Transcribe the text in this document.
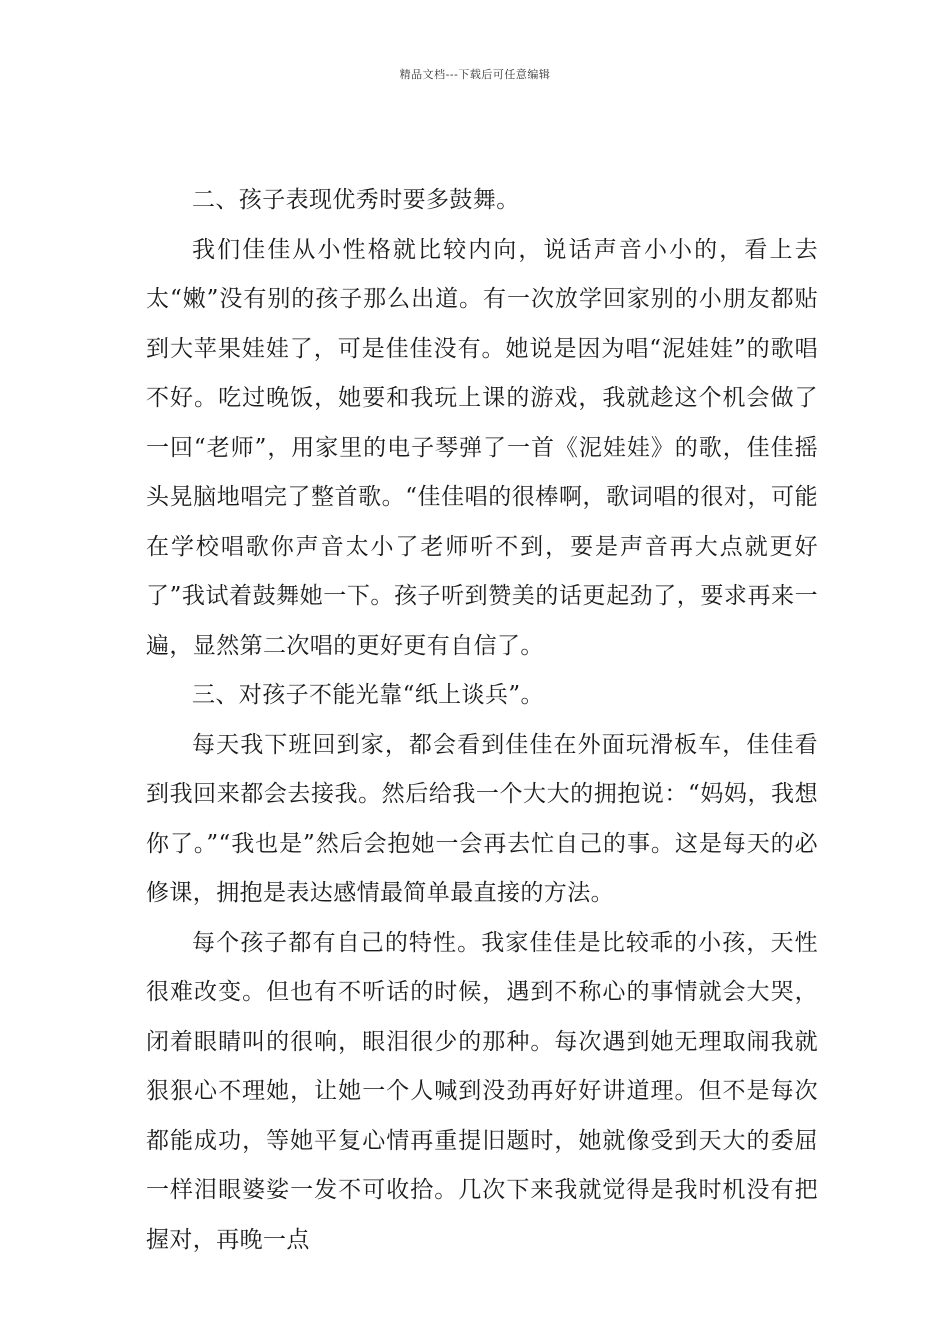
精品文档---下载后可任意编辑

二、孩子表现优秀时要多鼓舞。

我们佳佳从小性格就比较内向，说话声音小小的，看上去太“嫩”没有别的孩子那么出道。有一次放学回家别的小朋友都贴到大苹果娃娃了，可是佳佳没有。她说是因为唱“泥娃娃”的歌唱不好。吃过晚饭，她要和我玩上课的游戏，我就趁这个机会做了一回“老师”，用家里的电子琴弹了一首《泥娃娃》的歌，佳佳摇头晃脑地唱完了整首歌。“佳佳唱的很棒啊，歌词唱的很对，可能在学校唱歌你声音太小了老师听不到，要是声音再大点就更好了”我试着鼓舞她一下。孩子听到赞美的话更起劲了，要求再来一遍，显然第二次唱的更好更有自信了。

三、对孩子不能光靠“纸上谈兵”。

每天我下班回到家，都会看到佳佳在外面玩滑板车，佳佳看到我回来都会去接我。然后给我一个大大的拥抱说：“妈妈，我想你了。”“我也是”然后会抱她一会再去忙自己的事。这是每天的必修课，拥抱是表达感情最简单最直接的方法。

每个孩子都有自己的特性。我家佳佳是比较乖的小孩，天性很难改变。但也有不听话的时候，遇到不称心的事情就会大哭，闭着眼睛叫的很响，眼泪很少的那种。每次遇到她无理取闹我就狠狠心不理她，让她一个人喊到没劲再好好讲道理。但不是每次都能成功，等她平复心情再重提旧题时，她就像受到天大的委屈一样泪眼婆娑一发不可收拾。几次下来我就觉得是我时机没有把握对，再晚一点
